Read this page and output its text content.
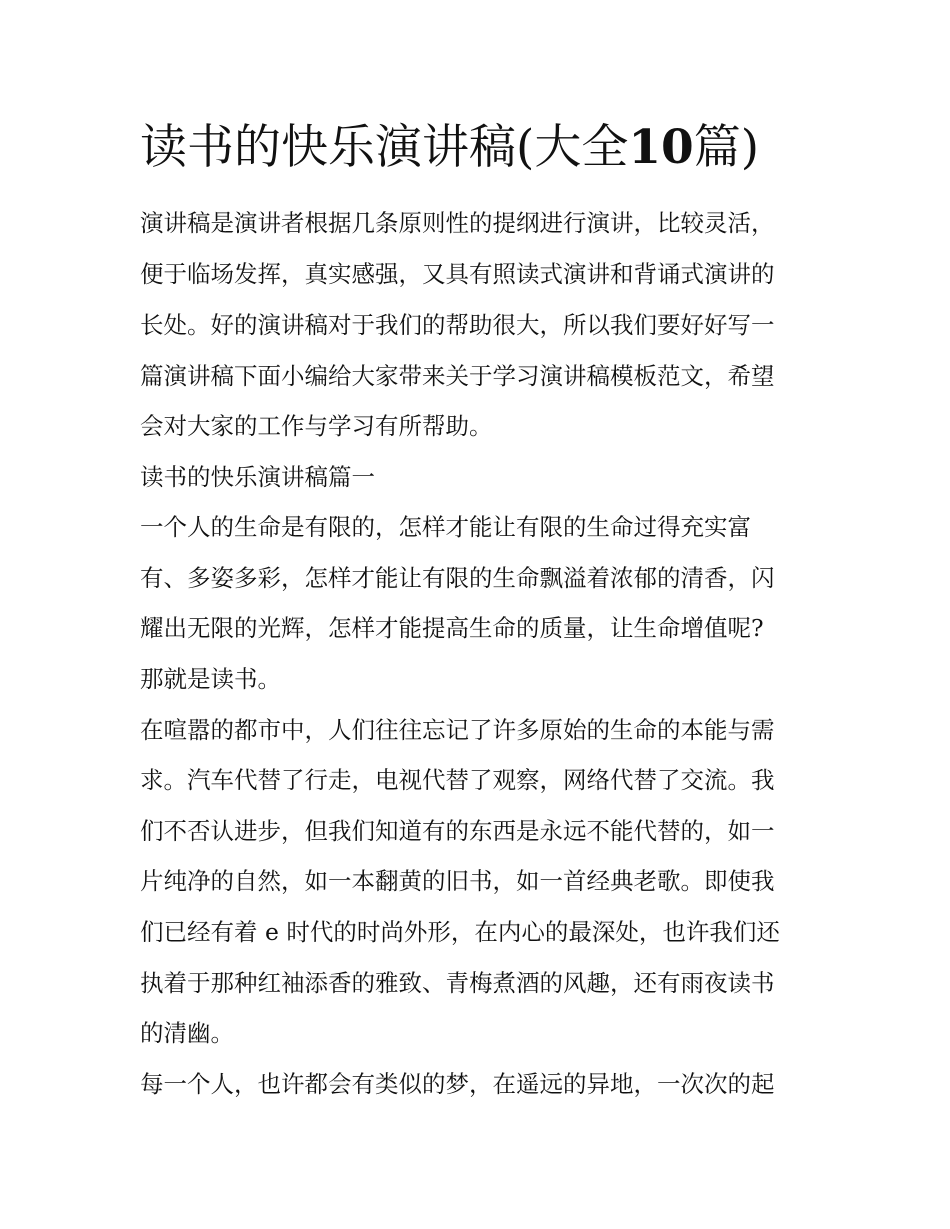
读书的快乐演讲稿(大全10篇)
演讲稿是演讲者根据几条原则性的提纲进行演讲，比较灵活，
便于临场发挥，真实感强，又具有照读式演讲和背诵式演讲的
长处。好的演讲稿对于我们的帮助很大，所以我们要好好写一
篇演讲稿下面小编给大家带来关于学习演讲稿模板范文，希望
会对大家的工作与学习有所帮助。
读书的快乐演讲稿篇一
一个人的生命是有限的，怎样才能让有限的生命过得充实富
有、多姿多彩，怎样才能让有限的生命飘溢着浓郁的清香，闪
耀出无限的光辉，怎样才能提高生命的质量，让生命增值呢?
那就是读书。
在喧嚣的都市中，人们往往忘记了许多原始的生命的本能与需
求。汽车代替了行走，电视代替了观察，网络代替了交流。我
们不否认进步，但我们知道有的东西是永远不能代替的，如一
片纯净的自然，如一本翻黄的旧书，如一首经典老歌。即使我
们已经有着 e 时代的时尚外形，在内心的最深处，也许我们还
执着于那种红袖添香的雅致、青梅煮酒的风趣，还有雨夜读书
的清幽。
每一个人，也许都会有类似的梦，在遥远的异地，一次次的起
